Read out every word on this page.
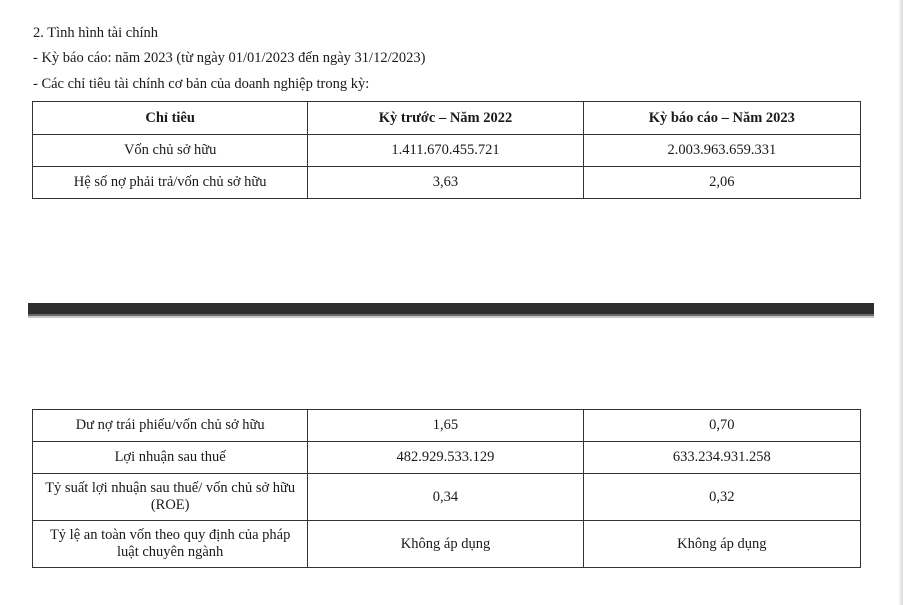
2. Tình hình tài chính
- Kỳ báo cáo: năm 2023 (từ ngày 01/01/2023 đến ngày 31/12/2023)
- Các chỉ tiêu tài chính cơ bản của doanh nghiệp trong kỳ:
Chỉ tiêu	Kỳ trước – Năm 2022	Kỳ báo cáo – Năm 2023
Vốn chủ sở hữu	1.411.670.455.721	2.003.963.659.331
Hệ số nợ phải trả/vốn chủ sở hữu	3,63	2,06
Dư nợ trái phiếu/vốn chủ sở hữu	1,65	0,70
Lợi nhuận sau thuế	482.929.533.129	633.234.931.258
Tỷ suất lợi nhuận sau thuế/ vốn chủ sở hữu (ROE)	0,34	0,32
Tỷ lệ an toàn vốn theo quy định của pháp luật chuyên ngành	Không áp dụng	Không áp dụng
